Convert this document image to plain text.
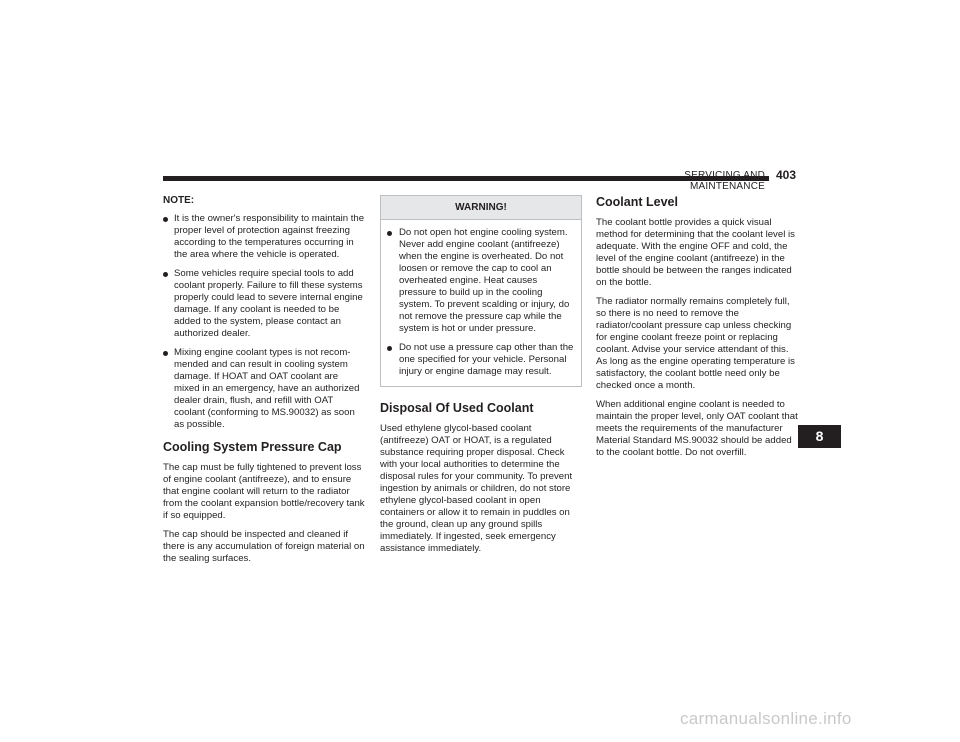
SERVICING AND MAINTENANCE
403
NOTE:
It is the owner's responsibility to maintain the proper level of protection against freezing according to the temperatures occurring in the area where the vehicle is operated.
Some vehicles require special tools to add coolant properly. Failure to fill these systems properly could lead to severe internal engine damage. If any coolant is needed to be added to the system, please contact an authorized dealer.
Mixing engine coolant types is not recom-mended and can result in cooling system damage. If HOAT and OAT coolant are mixed in an emergency, have an authorized dealer drain, flush, and refill with OAT coolant (conforming to MS.90032) as soon as possible.
Cooling System Pressure Cap

The cap must be fully tightened to prevent loss of engine coolant (antifreeze), and to ensure that engine coolant will return to the radiator from the coolant expansion bottle/recovery tank if so equipped.

The cap should be inspected and cleaned if there is any accumulation of foreign material on the sealing surfaces.

WARNING!
Do not open hot engine cooling system. Never add engine coolant (antifreeze) when the engine is overheated. Do not loosen or remove the cap to cool an overheated engine. Heat causes pressure to build up in the cooling system. To prevent scalding or injury, do not remove the pressure cap while the system is hot or under pressure.
Do not use a pressure cap other than the one specified for your vehicle. Personal injury or engine damage may result.
Disposal Of Used Coolant

Used ethylene glycol-based coolant (antifreeze) OAT or HOAT, is a regulated substance requiring proper disposal. Check with your local authorities to determine the disposal rules for your community. To prevent ingestion by animals or children, do not store ethylene glycol-based coolant in open containers or allow it to remain in puddles on the ground, clean up any ground spills immediately. If ingested, seek emergency assistance immediately.

Coolant Level

The coolant bottle provides a quick visual method for determining that the coolant level is adequate. With the engine OFF and cold, the level of the engine coolant (antifreeze) in the bottle should be between the ranges indicated on the bottle.

The radiator normally remains completely full, so there is no need to remove the radiator/coolant pressure cap unless checking for engine coolant freeze point or replacing coolant. Advise your service attendant of this. As long as the engine operating temperature is satisfactory, the coolant bottle need only be checked once a month.

When additional engine coolant is needed to maintain the proper level, only OAT coolant that meets the requirements of the manufacturer Material Standard MS.90032 should be added to the coolant bottle. Do not overfill.

8
carmanualsonline.info
